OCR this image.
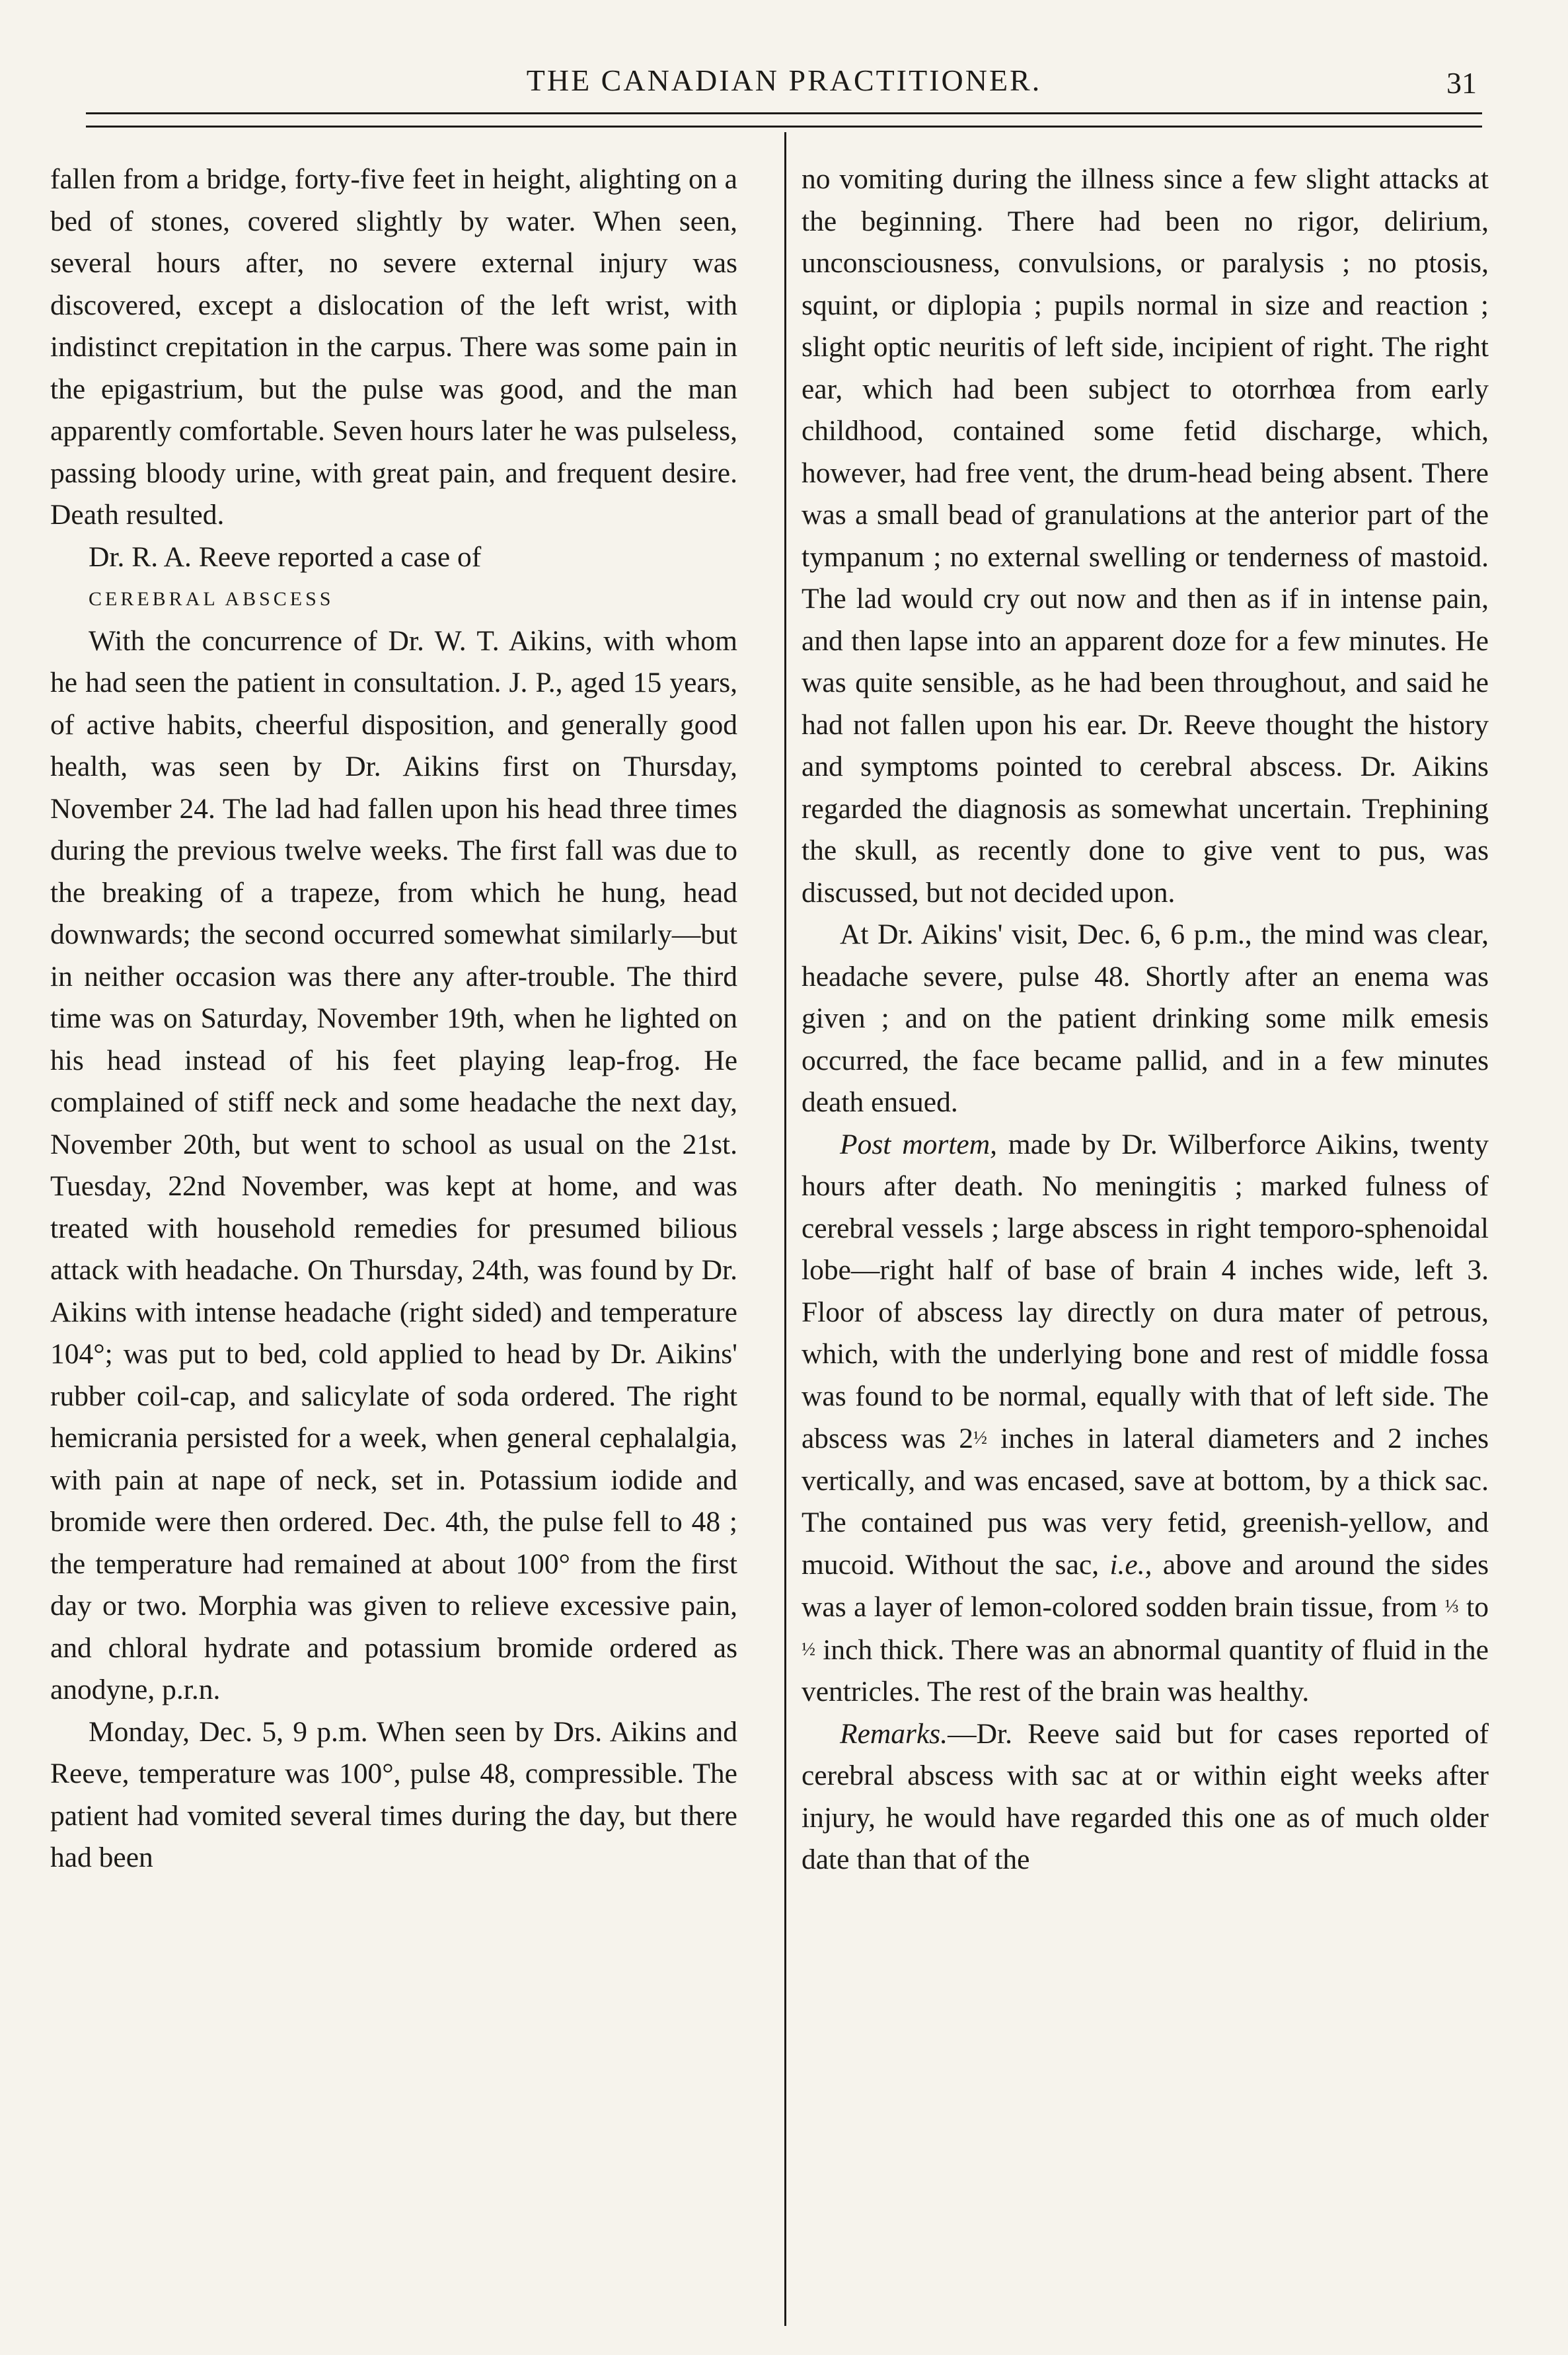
THE CANADIAN PRACTITIONER.	31

fallen from a bridge, forty-five feet in height, alighting on a bed of stones, covered slightly by water. When seen, several hours after, no severe external injury was discovered, except a dislocation of the left wrist, with indistinct crepitation in the carpus. There was some pain in the epigastrium, but the pulse was good, and the man apparently comfortable. Seven hours later he was pulseless, passing bloody urine, with great pain, and frequent desire. Death resulted.

Dr. R. A. Reeve reported a case of

CEREBRAL ABSCESS

With the concurrence of Dr. W. T. Aikins, with whom he had seen the patient in consultation. J. P., aged 15 years, of active habits, cheerful disposition, and generally good health, was seen by Dr. Aikins first on Thursday, November 24. The lad had fallen upon his head three times during the previous twelve weeks. The first fall was due to the breaking of a trapeze, from which he hung, head downwards; the second occurred somewhat similarly—but in neither occasion was there any after-trouble. The third time was on Saturday, November 19th, when he lighted on his head instead of his feet playing leap-frog. He complained of stiff neck and some headache the next day, November 20th, but went to school as usual on the 21st. Tuesday, 22nd November, was kept at home, and was treated with household remedies for presumed bilious attack with headache. On Thursday, 24th, was found by Dr. Aikins with intense headache (right sided) and temperature 104°; was put to bed, cold applied to head by Dr. Aikins' rubber coil-cap, and salicylate of soda ordered. The right hemicrania persisted for a week, when general cephalalgia, with pain at nape of neck, set in. Potassium iodide and bromide were then ordered. Dec. 4th, the pulse fell to 48 ; the temperature had remained at about 100° from the first day or two. Morphia was given to relieve excessive pain, and chloral hydrate and potassium bromide ordered as anodyne, p.r.n.

Monday, Dec. 5, 9 p.m. When seen by Drs. Aikins and Reeve, temperature was 100°, pulse 48, compressible. The patient had vomited several times during the day, but there had been

no vomiting during the illness since a few slight attacks at the beginning. There had been no rigor, delirium, unconsciousness, convulsions, or paralysis ; no ptosis, squint, or diplopia ; pupils normal in size and reaction ; slight optic neuritis of left side, incipient of right. The right ear, which had been subject to otorrhœa from early childhood, contained some fetid discharge, which, however, had free vent, the drum-head being absent. There was a small bead of granulations at the anterior part of the tympanum ; no external swelling or tenderness of mastoid. The lad would cry out now and then as if in intense pain, and then lapse into an apparent doze for a few minutes. He was quite sensible, as he had been throughout, and said he had not fallen upon his ear. Dr. Reeve thought the history and symptoms pointed to cerebral abscess. Dr. Aikins regarded the diagnosis as somewhat uncertain. Trephining the skull, as recently done to give vent to pus, was discussed, but not decided upon.

At Dr. Aikins' visit, Dec. 6, 6 p.m., the mind was clear, headache severe, pulse 48. Shortly after an enema was given ; and on the patient drinking some milk emesis occurred, the face became pallid, and in a few minutes death ensued.

Post mortem, made by Dr. Wilberforce Aikins, twenty hours after death. No meningitis ; marked fulness of cerebral vessels ; large abscess in right temporo-sphenoidal lobe—right half of base of brain 4 inches wide, left 3. Floor of abscess lay directly on dura mater of petrous, which, with the underlying bone and rest of middle fossa was found to be normal, equally with that of left side. The abscess was 2½ inches in lateral diameters and 2 inches vertically, and was encased, save at bottom, by a thick sac. The contained pus was very fetid, greenish-yellow, and mucoid. Without the sac, i.e., above and around the sides was a layer of lemon-colored sodden brain tissue, from ⅓ to ½ inch thick. There was an abnormal quantity of fluid in the ventricles. The rest of the brain was healthy.

Remarks.—Dr. Reeve said but for cases reported of cerebral abscess with sac at or within eight weeks after injury, he would have regarded this one as of much older date than that of the
